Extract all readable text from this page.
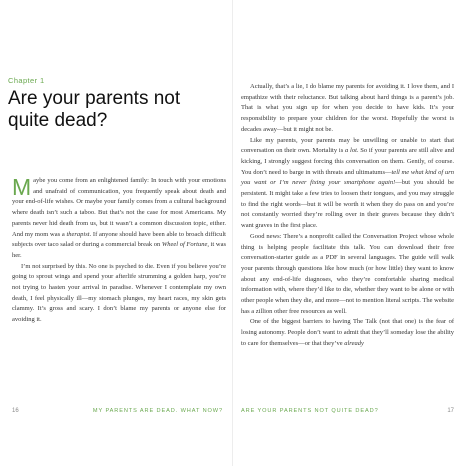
Chapter 1
Are your parents not quite dead?

Maybe you come from an enlightened family: In touch with your emotions and unafraid of communication, you frequently speak about death and your end-of-life wishes. Or maybe your family comes from a cultural background where death isn’t such a taboo. But that’s not the case for most Americans. My parents never hid death from us, but it wasn’t a common discussion topic, either. And my mom was a therapist. If anyone should have been able to broach difficult subjects over taco salad or during a commercial break on Wheel of Fortune, it was her.

I’m not surprised by this. No one is psyched to die. Even if you believe you’re going to sprout wings and spend your afterlife strumming a golden harp, you’re not trying to hasten your arrival in paradise. Whenever I contemplate my own death, I feel physically ill—my stomach plunges, my heart races, my skin gets clammy. It’s gross and scary. I don’t blame my parents or anyone else for avoiding it.

16	MY PARENTS ARE DEAD. WHAT NOW?

Actually, that’s a lie, I do blame my parents for avoiding it. I love them, and I empathize with their reluctance. But talking about hard things is a parent’s job. That is what you sign up for when you decide to have kids. It’s your responsibility to prepare your children for the worst. Hopefully the worst is decades away—but it might not be.

Like my parents, your parents may be unwilling or unable to start that conversation on their own. Mortality is a lot. So if your parents are still alive and kicking, I strongly suggest forcing this conversation on them. Gently, of course. You don’t need to barge in with threats and ultimatums—tell me what kind of urn you want or I’m never fixing your smartphone again!—but you should be persistent. It might take a few tries to loosen their tongues, and you may struggle to find the right words—but it will be worth it when they do pass on and you’re not constantly worried they’re rolling over in their graves because they didn’t want graves in the first place.

Good news: There’s a nonprofit called the Conversation Project whose whole thing is helping people facilitate this talk. You can download their free conversation-starter guide as a PDF in several languages. The guide will walk your parents through questions like how much (or how little) they want to know about any end-of-life diagnoses, who they’re comfortable sharing medical information with, where they’d like to die, whether they want to be alone or with other people when they die, and more—not to mention literal scripts. The website has a zillion other free resources as well.

One of the biggest barriers to having The Talk (not that one) is the fear of losing autonomy. People don’t want to admit that they’ll someday lose the ability to care for themselves—or that they’ve already

ARE YOUR PARENTS NOT QUITE DEAD?	17
